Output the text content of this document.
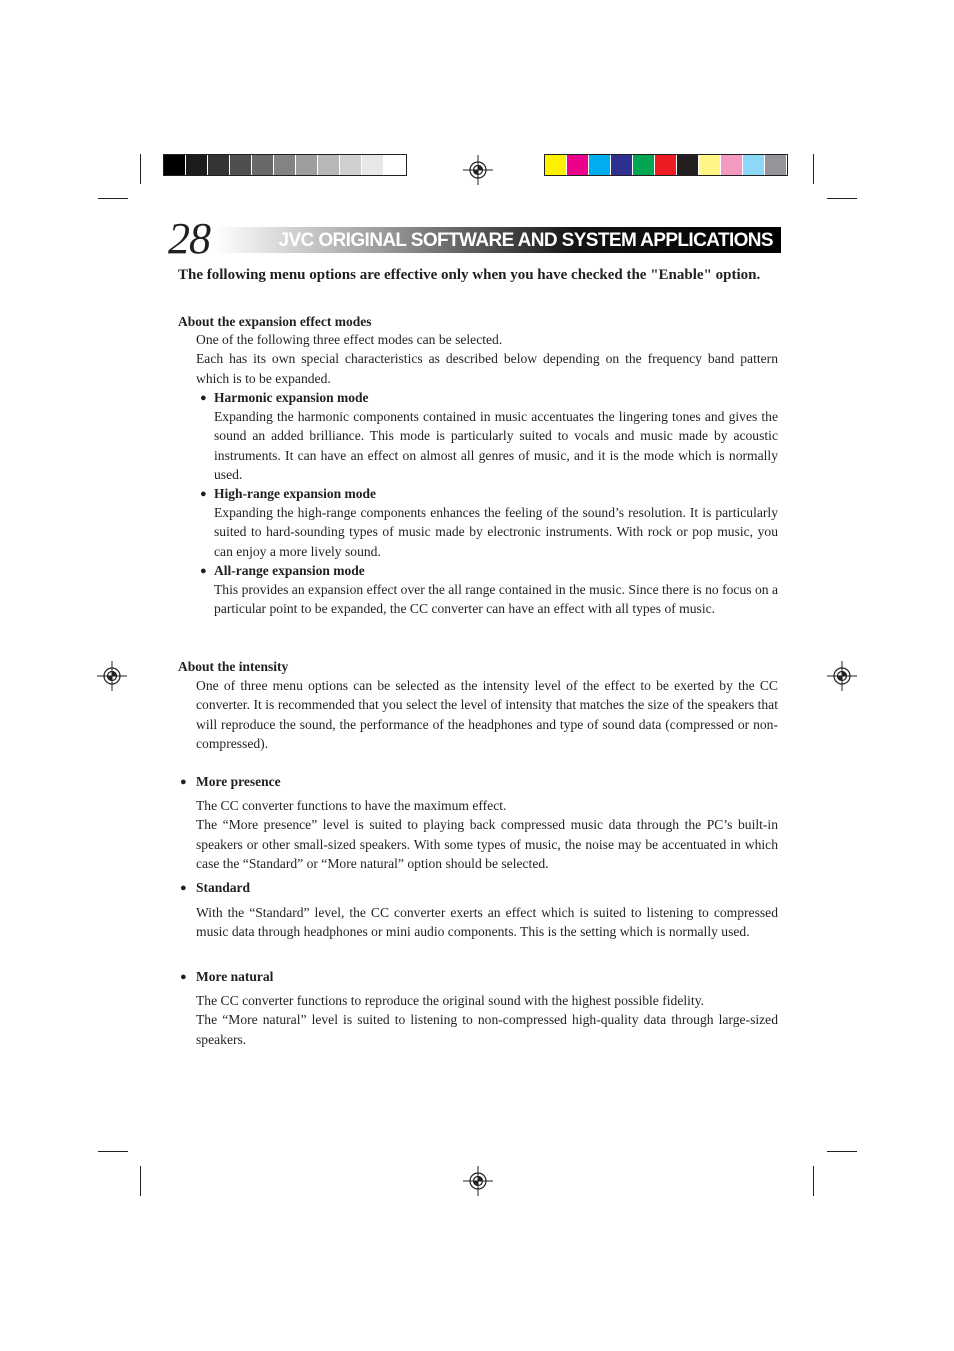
28	JVC ORIGINAL SOFTWARE AND SYSTEM APPLICATIONS
The following menu options are effective only when you have checked the "Enable" option.
About the expansion effect modes

One of the following three effect modes can be selected.

Each has its own special characteristics as described below depending on the frequency band pattern which is to be expanded.

● Harmonic expansion mode
Expanding the harmonic components contained in music accentuates the lingering tones and gives the sound an added brilliance. This mode is particularly suited to vocals and music made by acoustic instruments. It can have an effect on almost all genres of music, and it is the mode which is normally used.
● High-range expansion mode
Expanding the high-range components enhances the feeling of the sound’s resolution. It is particularly suited to hard-sounding types of music made by electronic instruments. With rock or pop music, you can enjoy a more lively sound.
● All-range expansion mode
This provides an expansion effect over the all range contained in the music. Since there is no focus on a particular point to be expanded, the CC converter can have an effect with all types of music.
About the intensity
One of three menu options can be selected as the intensity level of the effect to be exerted by the CC converter. It is recommended that you select the level of intensity that matches the size of the speakers that will reproduce the sound, the performance of the headphones and type of sound data (compressed or non-compressed).
● More presence

The CC converter functions to have the maximum effect.

The “More presence” level is suited to playing back compressed music data through the PC’s built-in speakers or other small-sized speakers. With some types of music, the noise may be accentuated in which case the “Standard” or “More natural” option should be selected.

● Standard

With the “Standard” level, the CC converter exerts an effect which is suited to listening to compressed music data through headphones or mini audio components. This is the setting which is normally used.

● More natural

The CC converter functions to reproduce the original sound with the highest possible fidelity.

The “More natural” level is suited to listening to non-compressed high-quality data through large-sized speakers.
